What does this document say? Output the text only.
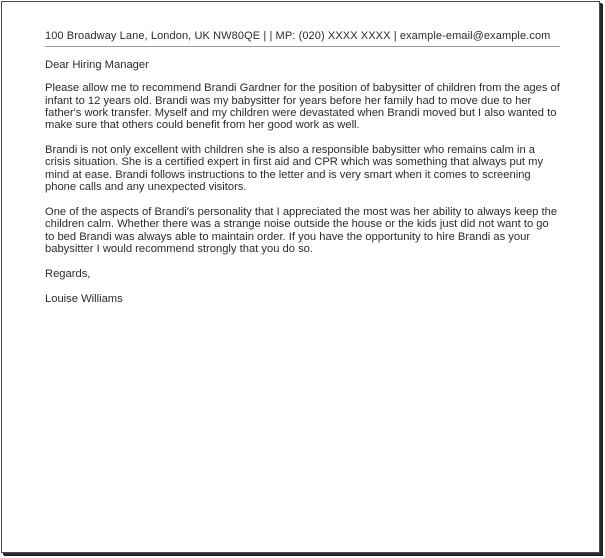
100 Broadway Lane, London, UK NW80QE | | MP: (020) XXXX XXXX | example-email@example.com

Dear Hiring Manager

Please allow me to recommend Brandi Gardner for the position of babysitter of children from the ages of infant to 12 years old. Brandi was my babysitter for years before her family had to move due to her father's work transfer. Myself and my children were devastated when Brandi moved but I also wanted to make sure that others could benefit from her good work as well.

Brandi is not only excellent with children she is also a responsible babysitter who remains calm in a crisis situation. She is a certified expert in first aid and CPR which was something that always put my mind at ease. Brandi follows instructions to the letter and is very smart when it comes to screening phone calls and any unexpected visitors.

One of the aspects of Brandi's personality that I appreciated the most was her ability to always keep the children calm. Whether there was a strange noise outside the house or the kids just did not want to go to bed Brandi was always able to maintain order. If you have the opportunity to hire Brandi as your babysitter I would recommend strongly that you do so.

Regards,

Louise Williams
